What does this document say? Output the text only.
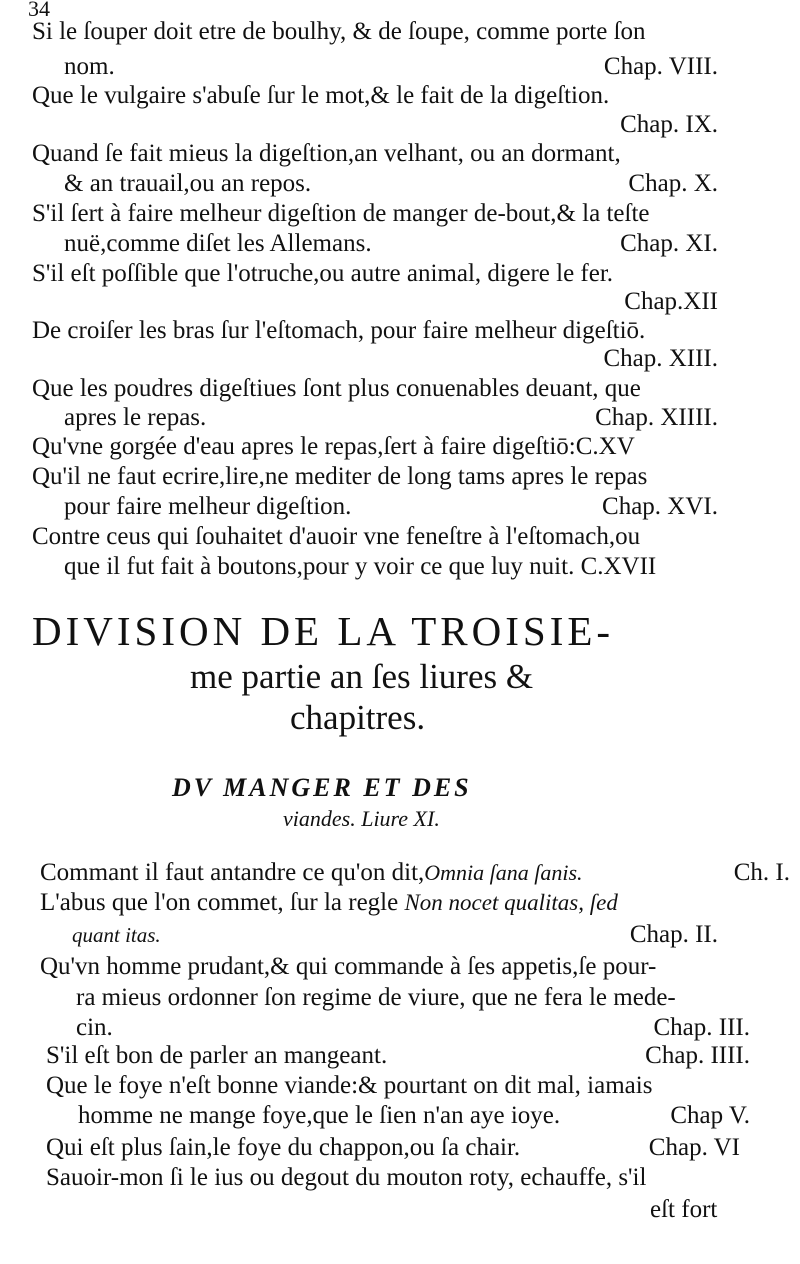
34
Si le ſouper doit etre de boulhy, & de ſoupe, comme porte ſon
nom.	Chap. VIII.
Que le vulgaire s'abuſe ſur le mot,& le fait de la digeſtion.
Chap. IX.
Quand ſe fait mieus la digeſtion,an velhant, ou an dormant,
& an trauail,ou an repos.	Chap. X.
S'il ſert à faire melheur digeſtion de manger de-bout,& la teſte
nuë,comme diſet les Allemans.	Chap. XI.
S'il eſt poſſible que l'otruche,ou autre animal, digere le fer.
Chap.XII
De croiſer les bras ſur l'eſtomach, pour faire melheur digeſtiō.
Chap. XIII.
Que les poudres digeſtiues ſont plus conuenables deuant, que
apres le repas.	Chap. XIIII.
Qu'vne gorgée d'eau apres le repas,ſert à faire digeſtiō:C.XV
Qu'il ne faut ecrire,lire,ne mediter de long tams apres le repas
pour faire melheur digeſtion.	Chap. XVI.
Contre ceus qui ſouhaitet d'auoir vne feneſtre à l'eſtomach,ou
que il fut fait à boutons,pour y voir ce que luy nuit. C.XVII
DIVISION DE LA TROISIE-
me partie an ſes liures &
chapitres.
DV MANGER ET DES
viandes. Liure XI.
Commant il faut antandre ce qu'on dit,Omnia ſana ſanis.	Ch. I.
L'abus que l'on commet, ſur la regle Non nocet qualitas, ſed
quant itas.	Chap. II.
Qu'vn homme prudant,& qui commande à ſes appetis,ſe pour-
ra mieus ordonner ſon regime de viure, que ne fera le mede-
cin.	Chap. III.
S'il eſt bon de parler an mangeant.	Chap. IIII.
Que le foye n'eſt bonne viande:& pourtant on dit mal, iamais
homme ne mange foye,que le ſien n'an aye ioye.	Chap V.
Qui eſt plus ſain,le foye du chappon,ou ſa chair.	Chap. VI
Sauoir-mon ſi le ius ou degout du mouton roty, echauffe, s'il
eſt fort
